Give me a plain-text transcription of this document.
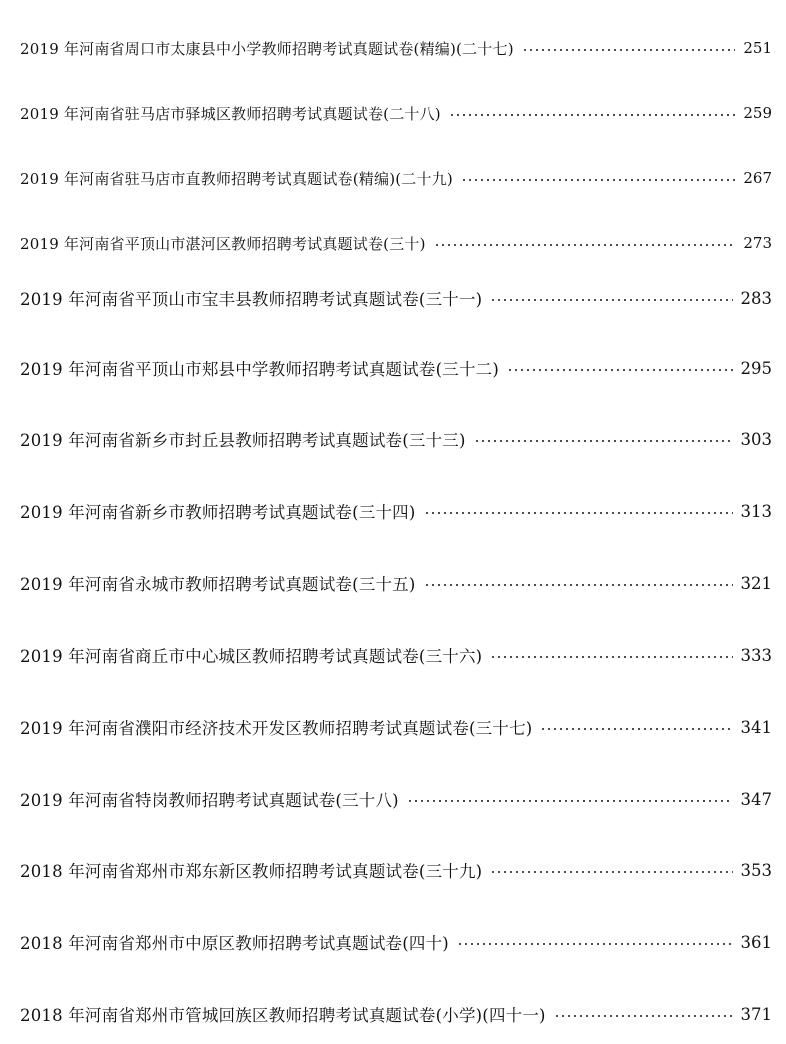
2019 年河南省周口市太康县中小学教师招聘考试真题试卷(精编)(二十七)	251
2019 年河南省驻马店市驿城区教师招聘考试真题试卷(二十八)	259
2019 年河南省驻马店市直教师招聘考试真题试卷(精编)(二十九)	267
2019 年河南省平顶山市湛河区教师招聘考试真题试卷(三十)	273
2019 年河南省平顶山市宝丰县教师招聘考试真题试卷(三十一)	283
2019 年河南省平顶山市郏县中学教师招聘考试真题试卷(三十二)	295
2019 年河南省新乡市封丘县教师招聘考试真题试卷(三十三)	303
2019 年河南省新乡市教师招聘考试真题试卷(三十四)	313
2019 年河南省永城市教师招聘考试真题试卷(三十五)	321
2019 年河南省商丘市中心城区教师招聘考试真题试卷(三十六)	333
2019 年河南省濮阳市经济技术开发区教师招聘考试真题试卷(三十七)	341
2019 年河南省特岗教师招聘考试真题试卷(三十八)	347
2018 年河南省郑州市郑东新区教师招聘考试真题试卷(三十九)	353
2018 年河南省郑州市中原区教师招聘考试真题试卷(四十)	361
2018 年河南省郑州市管城回族区教师招聘考试真题试卷(小学)(四十一)	371
